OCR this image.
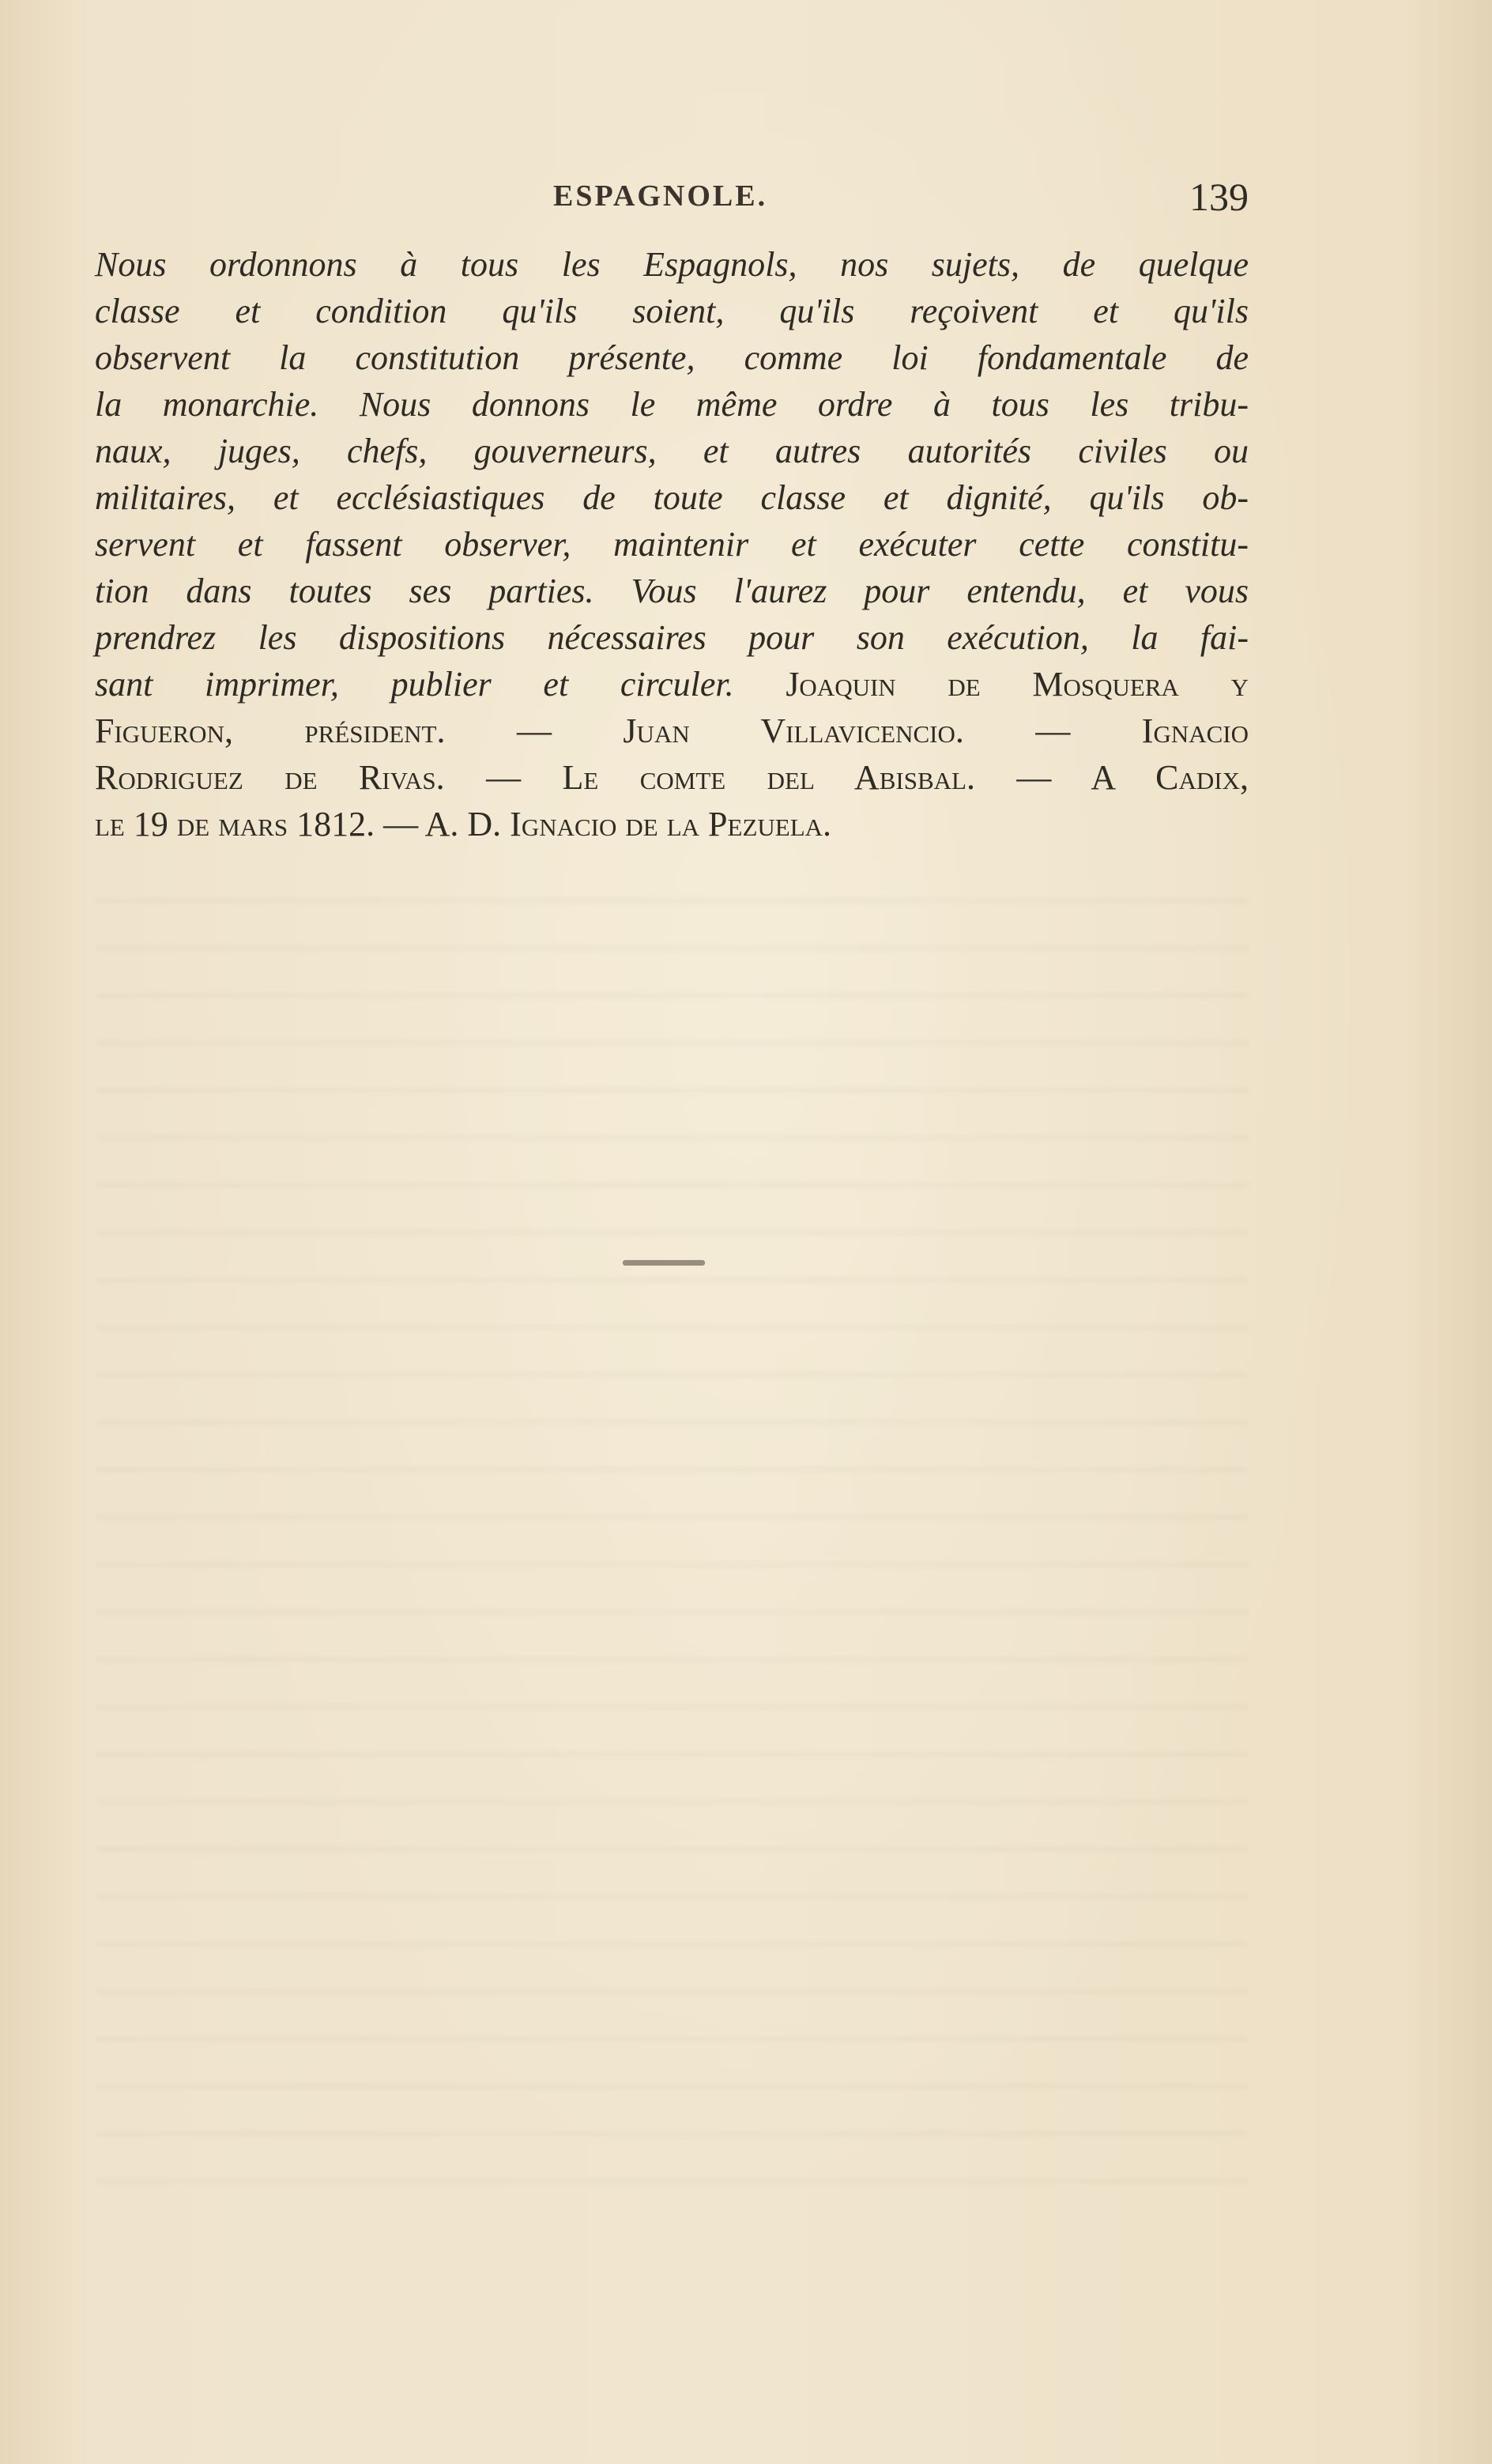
ESPAGNOLE.	139
Nous ordonnons à tous les Espagnols, nos sujets, de quelque
classe et condition qu'ils soient, qu'ils reçoivent et qu'ils
observent la constitution présente, comme loi fondamentale de
la monarchie. Nous donnons le même ordre à tous les tribu-
naux, juges, chefs, gouverneurs, et autres autorités civiles ou
militaires, et ecclésiastiques de toute classe et dignité, qu'ils ob-
servent et fassent observer, maintenir et exécuter cette constitu-
tion dans toutes ses parties. Vous l'aurez pour entendu, et vous
prendrez les dispositions nécessaires pour son exécution, la fai-
sant imprimer, publier et circuler. Joaquin de Mosquera y
Figueron, président. — Juan Villavicencio. — Ignacio
Rodriguez de Rivas. — Le comte del Abisbal. — A Cadix,
le 19 de mars 1812. — A. D. Ignacio de la Pezuela.
